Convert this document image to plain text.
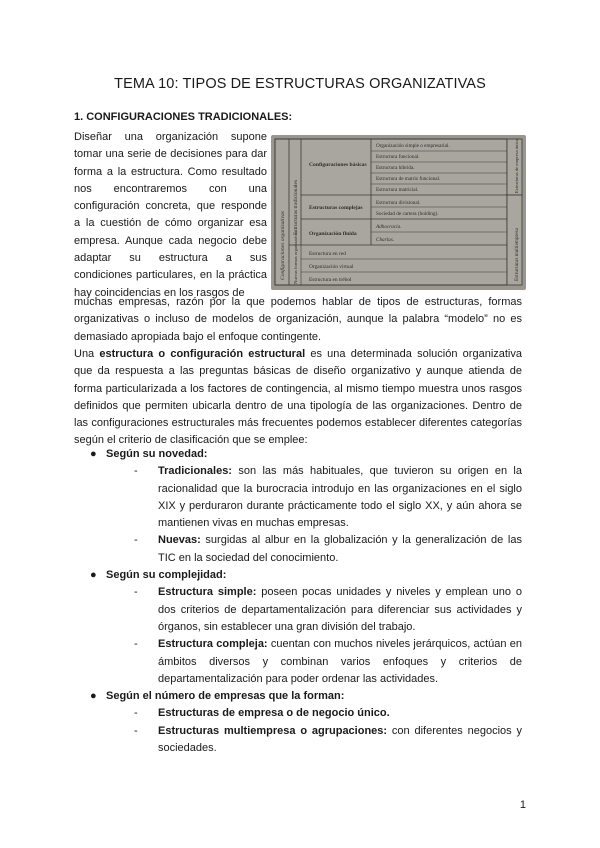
TEMA 10: TIPOS DE ESTRUCTURAS ORGANIZATIVAS
1. CONFIGURACIONES TRADICIONALES:

Diseñar una organización supone tomar una serie de decisiones para dar forma a la estructura. Como resultado nos encontraremos con una configuración concreta, que responde a la cuestión de cómo organizar esa empresa. Aunque cada negocio debe adaptar su estructura a sus condiciones particulares, en la práctica hay coincidencias en los rasgos de

Configuraciones organizativas
Estructuras tradicionales
Nuevas formas organizativas
Configuraciones básicas
Organización simple o empresarial.
Estructura funcional.
Estructura híbrida.
Estructura de matriz funcional.
Estructura matricial.
Estructuras complejas
Estructura divisional.
Sociedad de cartera (holding).
Organización fluida
Adhocracia.
Charlas.
Estructura en red
Organización virtual
Estructura en trébol
Estructuras de empresa única
Estructuras multiempresa

muchas empresas, razón por la que podemos hablar de tipos de estructuras, formas organizativas o incluso de modelos de organización, aunque la palabra “modelo” no es demasiado apropiada bajo el enfoque contingente.

Una estructura o configuración estructural es una determinada solución organizativa que da respuesta a las preguntas básicas de diseño organizativo y aunque atienda de forma particularizada a los factores de contingencia, al mismo tiempo muestra unos rasgos definidos que permiten ubicarla dentro de una tipología de las organizaciones. Dentro de las configuraciones estructurales más frecuentes podemos establecer diferentes categorías según el criterio de clasificación que se emplee:

● Según su novedad:
- Tradicionales: son las más habituales, que tuvieron su origen en la racionalidad que la burocracia introdujo en las organizaciones en el siglo XIX y perduraron durante prácticamente todo el siglo XX, y aún ahora se mantienen vivas en muchas empresas.
- Nuevas: surgidas al albur en la globalización y la generalización de las TIC en la sociedad del conocimiento.
● Según su complejidad:
- Estructura simple: poseen pocas unidades y niveles y emplean uno o dos criterios de departamentalización para diferenciar sus actividades y órganos, sin establecer una gran división del trabajo.
- Estructura compleja: cuentan con muchos niveles jerárquicos, actúan en ámbitos diversos y combinan varios enfoques y criterios de departamentalización para poder ordenar las actividades.
● Según el número de empresas que la forman:
- Estructuras de empresa o de negocio único.
- Estructuras multiempresa o agrupaciones: con diferentes negocios y sociedades.
1
